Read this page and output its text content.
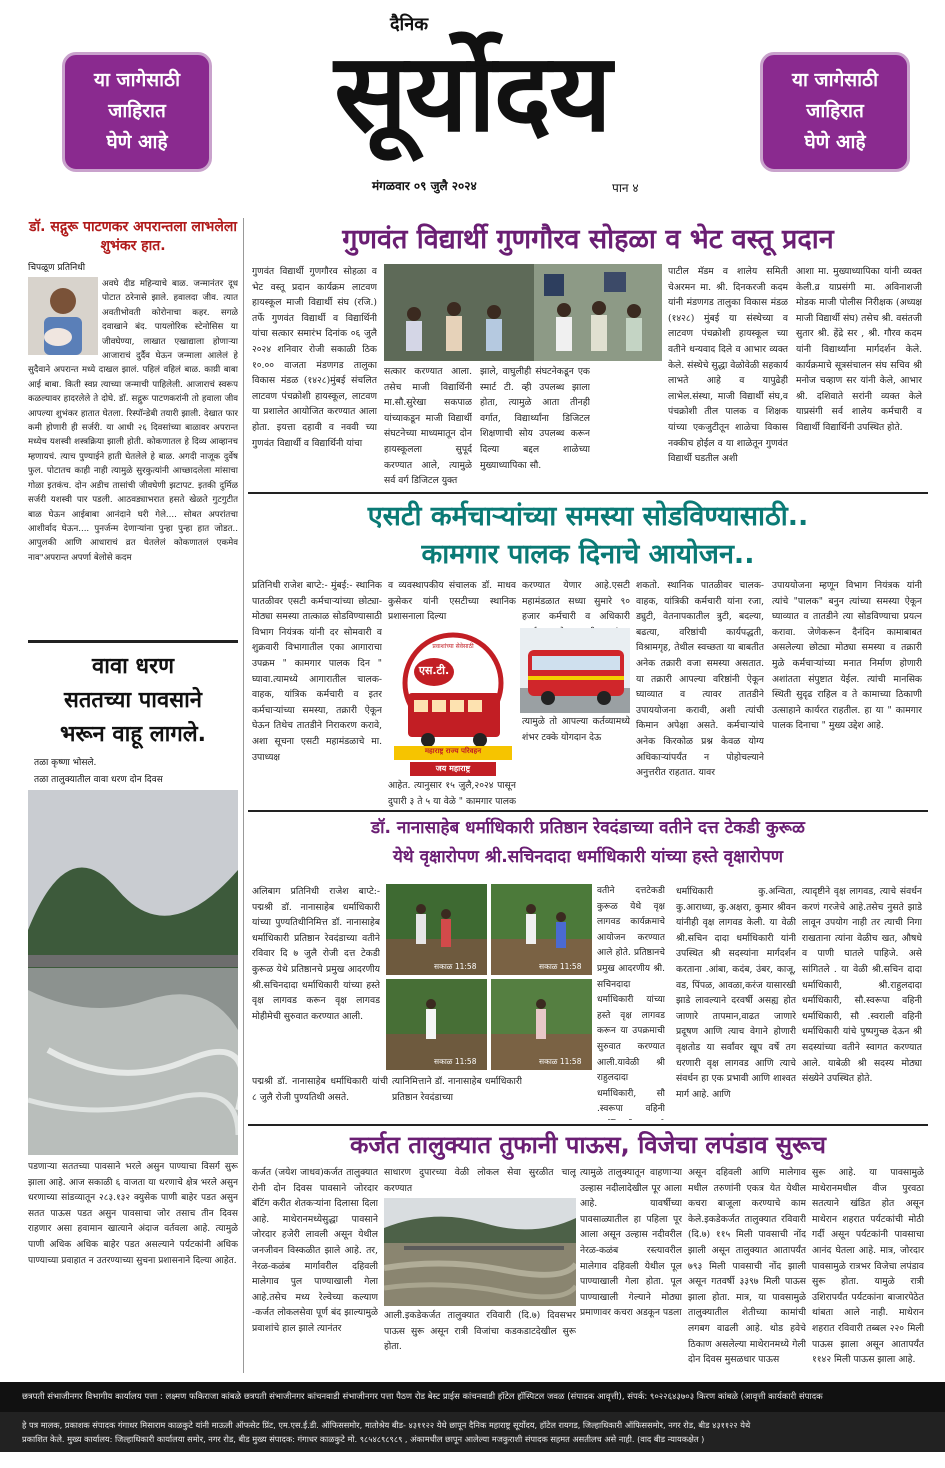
या जागेसाठी
जाहिरात
घेणे आहे
या जागेसाठी
जाहिरात
घेणे आहे
दैनिक
सूर्योदय
मंगळवार ०९ जुलै २०२४	पान ४
डॉ. सद्गुरू पाटणकर अपरान्तला लाभलेला शुभंकर हात.
चिपळूण प्रतिनिधी
अवघे दीड महिन्याचे बाळ. जन्मानंतर दूध पोटात ठरेनासे झाले. हवालदा जीव. त्यात अवतीभोवती कोरोनाचा कहर. सगळे दवाखाने बंद. पायलोरिक स्टेनोसिस या जीवघेण्या, लाखात एखाद्याला होणाऱ्या आजाराचं दुर्दैव घेऊन जन्माला आलेलं हे सुदैवाने अपरान्त मध्ये दाखल झालं. पहिलं वहिलं बाळ. काय़ी बाबा आई बाबा. किती स्वप्न त्याच्या जन्माची पाहिलेली. आजाराचं स्वरूप कळल्यावर हादरलेले ते दोघे. डॉ. सद्गुरू पाटणकरांनी तो हवाला जीव आपल्या शुभंकर हातात घेतला. रिस्पॉन्डेबी तयारी झाली. देखात फार कमी होणारी ही सर्जरी. या आधी २६ दिवसांच्या बाळावर अपरान्त मध्येच यशस्वी शस्त्रक्रिया झाली होती. कोकणातल हे दिव्य आव्हानच म्हणायचं. त्याच पुण्याईने हाती घेतलेले हे बाळ. अगदी नाजूक दुर्वेष फुल. पोटातच काही नाही त्यामुळे सुरकुत्यांनी आच्छादलेला मांसाचा गोळा इतकंच. दोन अडीच तासांची जीवघेणी झटापट. इतकी दुर्मिळ सर्जरी यशस्वी पार पडली. आठवड्याभरात हसते खेळते गुटगुटीत बाळ घेऊन आईबाबा आनंदाने घरी गेले.... सोबत अपरांतचा आशीर्वाद घेऊन.... पुनर्जन्म देणाऱ्यांना पुन्हा पुन्हा हात जोडत.. आपुलकी आणि आधाराचं व्रत घेतलेलं कोकणातलं एकमेव नाव"अपरान्त अपर्णा बेलोसे कदम
वावा धरण
सततच्या पावसाने
भरून वाहू लागले.
तळा कृष्णा भोसले.
तळा तालुक्यातील वावा धरण दोन दिवस
पडणाऱ्या सततच्या पावसाने भरले असुन पाण्याचा विसर्ग सुरू झाला आहे. आज सकाळी ६ वाजता या धरणाचे क्षेत्र भरले असुन धरणाच्या सांडव्यातून २८३.१३२ क्युसेक पाणी बाहेर पडत असुन सतत पाऊस पडत असुन पावसाचा जोर तसाच तीन दिवस राहणार असा हवामान खात्याने अंदाज वर्तवला आहे. त्यामुळे पाणी अधिक अधिक बाहेर पडत असल्याने पर्यटकांनी अधिक पाण्याच्या प्रवाहात न उतरण्याच्या सुचना प्रशासनाने दिल्या आहेत.
गुणवंत विद्यार्थी गुणगौरव सोहळा व भेट वस्तू प्रदान
गुणवंत विद्यार्थी गुणगौरव सोहळा व भेट वस्तू प्रदान कार्यक्रम लाटवण हायस्कूल माजी विद्यार्थी संघ (रजि.) तर्फे गुणवंत विद्यार्थी व विद्यार्थिनी यांचा सत्कार समारंभ दिनांक ०६ जुलै २०२४ शनिवार रोजी सकाळी ठिक १०.०० वाजता मंडणगड तालुका विकास मंडळ (१४२८)मुंबई संचलित लाटवण पंचक्रोशी हायस्कूल, लाटवण या प्रशालेत आयोजित करण्यात आला होता. इयत्ता दहावी व नववी च्या गुणवंत विद्यार्थी व विद्यार्थिनी यांचा
सत्कार करण्यात आला. तसेच माजी विद्यार्थिनी मा.सौ.सुरेखा सकपाळ यांच्याकडून माजी विद्यार्थी संघटनेच्या माध्यमातून दोन हायस्कूलला सुपूर्द करण्यात आले, त्यामुळे सर्व वर्ग डिजिटल युक्त
झाले, वाघुलीही संघटनेकडून एक स्मार्ट टी. व्ही उपलब्ध झाला होता, त्यामुळे आता तीनही वर्गात, विद्यार्थ्यांना डिजिटल शिक्षणाची सोय उपलब्ध करून दिल्या बद्दल शाळेच्या मुख्याध्यापिका सौ.
पाटील मॅडम व शालेय समिती चेअरमन मा. श्री. दिनकरजी कदम यांनी मंडणगड तालुका विकास मंडळ (१४२८) मुंबई या संस्थेच्या व लाटवण पंचक्रोशी हायस्कूल च्या वतीने धन्यवाद दिले व आभार व्यक्त केले. संस्थेचे सुद्धा वेळोवेळी सहकार्य लाभते आहे व यापुढेही लाभेल.संस्था, माजी विद्यार्थी संघ,व पंचक्रोशी तील पालक व शिक्षक यांच्या एकजुटीतून शाळेचा विकास नक्कीच होईल व या शाळेतून गुणवंत विद्यार्थी घडतील अशी
आशा मा. मुख्याध्यापिका यांनी व्यक्त केली.व्र याप्रसंगी मा. अविनाशजी मोडक माजी पोलीस निरीक्षक (अध्यक्ष माजी विद्यार्थी संघ) तसेच श्री. वसंतजी सुतार श्री. हेंद्रे सर , श्री. गौरव कदम यांनी विद्यार्थ्यांना मार्गदर्शन केले. कार्यक्रमाचे सूत्रसंचालन संघ सचिव श्री मनोज चव्हाण सर यांनी केले, आभार श्री. दशिवाते सरांनी व्यक्त केले याप्रसंगी सर्व शालेय कर्मचारी व विद्यार्थी विद्यार्थिनी उपस्थित होते.
एसटी कर्मचाऱ्यांच्या समस्या सोडविण्यासाठी..
कामगार पालक दिनाचे आयोजन..
प्रतिनिधी राजेश बाप्टे:- मुंबई:- स्थानिक पातळीवर एसटी कर्मचाऱ्यांच्या छोट्या-मोठ्या समस्या तात्काळ सोडविण्यासाठी विभाग नियंत्रक यांनी दर सोमवारी व शुक्रवारी विभागातील एका आगाराचा उपक्रम " कामगार पालक दिन " घ्यावा.त्यामध्ये आगारातील चालक- वाहक, यांत्रिक कर्मचारी व इतर कर्मचाऱ्यांच्या समस्या, तक्रारी ऐकून घेऊन तिथेच तातडीने निराकरण करावे, अशा सूचना एसटी महामंडळाचे मा. उपाध्यक्ष
व व्यवस्थापकीय संचालक डॉ. माधव कुसेकर यांनी एसटीच्या स्थानिक प्रशासनाला दिल्या
प्रवाशांच्या सेवेसाठी
एस.टी.
महाराष्ट्र राज्य परिवहन
जय महाराष्ट्र
आहेत. त्यानुसार १५ जुलै,२०२४ पासून दुपारी ३ ते ५ या वेळे " कामगार पालक
करण्यात येणार आहे.एसटी महामंडळात सध्या सुमारे ९० हजार कर्मचारी व अधिकारी
त्यामुळे तो आपल्या कर्तव्यामध्ये शंभर टक्के योगदान देऊ
शकतो. स्थानिक पातळीवर चालक- वाहक, यांत्रिकी कर्मचारी यांना रजा, ड्युटी, वेतनापकातील त्रुटी, बदल्या, बढत्या, वरिष्ठांची कार्यपद्धती, विश्रामगृह, तेथील स्वच्छता या बाबतीत अनेक तक्रारी वजा समस्या असतात. या तक्रारी आपल्या वरिष्ठांनी ऐकून घ्याव्यात व त्यावर तातडीने उपाययोजना करावी, अशी त्यांची किमान अपेक्षा असते. कर्मचाऱ्यांचे अनेक किरकोळ प्रश्न केवळ योग्य अधिकाऱ्यांपर्यंत न पोहोचल्याने अनुत्तरीत राहतात. यावर
उपाययोजना म्हणून विभाग नियंत्रक यांनी त्यांचे "पालक" बनुन त्यांच्या समस्या ऐकून घ्याव्यात व तातडीने त्या सोडविण्याचा प्रयत्न करावा. जेणेकरून दैनंदिन कामाबाबत असलेल्या छोट्या मोठ्या समस्या व तक्रारी मुळे कर्मचाऱ्यांच्या मनात निर्माण होणारी अशांतता संपुष्टात येईल. त्यांची मानसिक स्थिती सुदृढ राहिल व ते कामाच्या ठिकाणी उत्साहाने कार्यरत राहतील. हा या " कामगार पालक दिनाचा " मुख्य उद्देश आहे.
डॉ. नानासाहेब धर्माधिकारी प्रतिष्ठान रेवदंडाच्या वतीने दत्त टेकडी कुरूळ
येथे वृक्षारोपण श्री.सचिनदादा धर्माधिकारी यांच्या हस्ते वृक्षारोपण
अलिबाग प्रतिनिधी राजेश बाप्टे:- पद्मश्री डॉ. नानासाहेब धर्माधिकारी यांच्या पुण्यतिथीनिमित्त डॉ. नानासाहेब धर्माधिकारी प्रतिष्ठान रेवदंडाच्या वतीने रविवार दि ७ जुलै रोजी दत्त टेकडी कुरूळ येथे प्रतिष्ठानचे प्रमुख आदरणीय श्री.सचिनदादा धर्माधिकारी यांच्या हस्ते वृक्ष लागवड करून वृक्ष लागवड मोहीमेची सुरुवात करण्यात आली.
सकाळ 11:58	सकाळ 11:58
सकाळ 11:58	सकाळ 11:58
पद्मश्री डॉ. नानासाहेब धर्माधिकारी यांची ८ जुलै रोजी पुण्यतिथी असते.
त्यानिमित्ताने डॉ. नानासाहेब धर्माधिकारी प्रतिष्ठान रेवदंडाच्या
वतीने दत्तटेकडी कुरूळ येथे वृक्ष लागवड कार्यक्रमाचे आयोजन करण्यात आले होते. प्रतिष्ठानचे प्रमुख आदरणीय श्री. सचिनदादा धर्माधिकारी यांच्या हस्ते वृक्ष लागवड करून या उपक्रमाची सुरुवात करण्यात आली.यावेळी श्री राहुलदादा धर्माधिकारी, सौ .स्वरूपा वहिनी
धर्माधिकारी कु.अन्विता, कु.आराध्या, कु.अक्षरा, कुमार श्रीवन यांनीही वृक्ष लागवड केली. या वेळी श्री.सचिन दादा धर्माधिकारी यांनी उपस्थित श्री सदस्यांना मार्गदर्शन करताना .आंबा, कदंब, उंबर, काजू, वड, पिंपळ, आवळा,करंज यासारखी झाडे लावल्याने दरवर्षी असह्य होत जाणारे तापमान,वाढत जाणारे प्रदूषण आणि त्याच वेगाने होणारी वृक्षतोड या सर्वांवर खूप वर्षे तग धरणारी वृक्ष लागवड आणि त्याचे संवर्धन हा एक प्रभावी आणि शाश्वत मार्ग आहे. आणि
त्यादृष्टीने वृक्ष लागवड, त्याचे संवर्धन करणं गरजेचे आहे.तसेच नुसते झाडे लावून उपयोग नाही तर त्याची निगा राखताना त्यांना वेळीच खत, औषधे व पाणी घातले पाहिजे. असे सांगितले . या वेळी श्री.सचिन दादा धर्माधिकारी, श्री.राहुलदादा धर्माधिकारी, सौ.स्वरूपा वहिनी धर्माधिकारी, सौ .स्वराली वहिनी धर्माधिकारी यांचे पुष्पगुच्छ देऊन श्री सदस्यांच्या वतीने स्वागत करण्यात आले. याबेळी श्री सदस्य मोठ्या संख्येने उपस्थित होते.
कर्जत तालुक्यात तुफानी पाऊस, विजेचा लपंडाव सुरूच
कर्जत (जयेश जाधव)कर्जत तालुक्यात रोनी दोन दिवस पावसाने जोरदार बॅटिंग करीत शेतकऱ्यांना दिलासा दिला आहे. माथेरानमध्येसुद्धा पावसाने जोरदार हजेरी लावली असून येथील जनजीवन विस्कळीत झाले आहे. तर, नेरळ-कळंब मार्गावरील दहिवली मालेगाव पुल पाण्याखाली गेला आहे.तसेच मध्य रेल्वेच्या कल्याण -कर्जत लोकलसेवा पूर्ण बंद झाल्यामुळे प्रवाशांचे हाल झाले त्यानंतर
साधारण दुपारच्या वेळी लोकल सेवा सुरळीत चालू करण्यात
आली.इकडेकर्जत तालुक्यात रविवारी (दि.७) दिवसभर पाऊस सुरू असून रात्री विजांचा कडकडाटदेखील सुरू होता.
त्यामुळे तालुक्यातून वाहणाऱ्या उल्हास नदीलादेखील पूर आला आहे. यावर्षीच्या पावसाळ्यातील हा पहिला पूर आला असून उल्हास नदीवरील नेरळ-कळंब रस्त्यावरील मालेगाव दहिवली येथील पूल पाण्याखाली गेला होता. पूल पाण्याखाली गेल्याने मोठ्या प्रमाणावर कचरा अडकून पडला
असून दहिवली आणि मालेगाव मधील तरुणांनी एकत्र येत येथील कचरा बाजूला करण्याचे काम केले.इकडेकर्जत तालुक्यात रविवारी (दि.७) ११५ मिली पावसाची नोंद झाली असून तालुक्यात आतापर्यंत ७९३ मिली पावसाची नोंद झाली असून गतवर्षी ३३९७ मिली पाऊस झाला होता. मात्र, या पावसामुळे तालुक्यातील शेतीच्या कामांची लगबग वाढली आहे. थोड हवेचे ठिकाण असलेल्या माथेरानमध्ये गेली दोन दिवस मुसळधार पाऊस
सुरू आहे. या पावसामुळे माथेरानमधील वीज पुरवठा सतत्याने खंडित होत असून माथेरान शहरात पर्यटकांची मोठी गर्दी असून पर्यटकांनी पावसाचा आनंद घेतला आहे. मात्र, जोरदार पावसामुळे रात्रभर विजेचा लपंडाव सुरू होता. यामुळे रात्री उशिरापर्यंत पर्यटकांना बाजारपेठेत थांबता आले नाही. माथेरान शहरात रविवारी तब्बल २२० मिली पाऊस झाला असून आतापर्यंत ११४२ मिली पाऊस झाला आहे.
छत्रपती संभाजीनगर विभागीय कार्यालय पत्ता : लक्ष्मण फकिराजा कांबळे छत्रपती संभाजीनगर कांचनवाडी संभाजीनगर पत्ता पैठण रोड बेस्ट प्राईस कांचनवाडी हॉटेल हॉस्पिटल जवळ (संपादक आवृत्ती), संपर्क: ९०२२६४३७०३ किरण कांबळे (आवृत्ती कार्यकारी संपादक
हे पत्र मालक, प्रकाशक संपादक गंगाधर मिसाराम काळकुटे यांनी माऊली ऑफसेट प्रिंट, एम.एस.ई.डी. ऑफिससमोर, मातोश्रेय बीड- ४३११२२ येथे छापून दैनिक महाराष्ट्र सूर्योदय, हॉटेल रायगड, जिल्हाधिकारी ऑफिससमोर, नगर रोड, बीड ४३११२२ येथे
प्रकाशित केले. मुख्य कार्यालय: जिल्हाधिकारी कार्यालया समोर, नगर रोड, बीड मुख्य संपादक: गंगाधर काळकुटे मो. ९८५४८९८९८९ , अंकामधील छापून आलेल्या मजकुराशी संपादक सहमत असतीलच असे नाही. (वाद बीड न्यायकक्षेत )
